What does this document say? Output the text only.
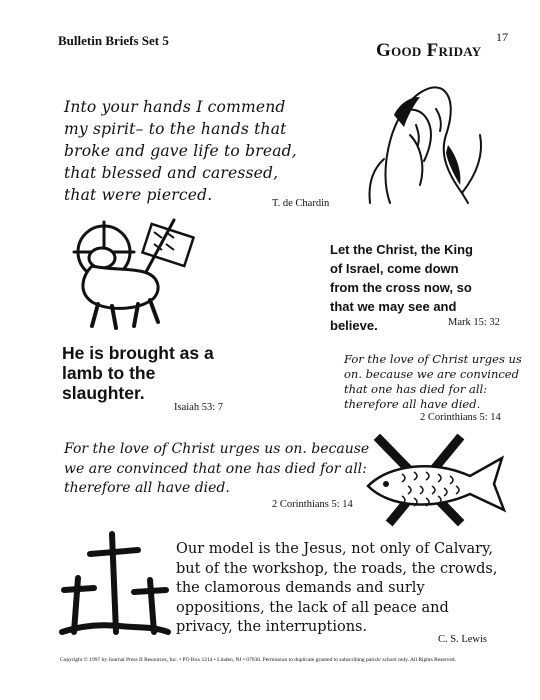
Bulletin Briefs Set 5	Good Friday
17
Into your hands I commend
my spirit– to the hands that
broke and gave life to bread,
that blessed and caressed,
that were pierced.	T. de Chardin
Let the Christ, the King
of Israel, come down
from the cross now, so
that we may see and
believe.	Mark 15: 32
He is brought as a
lamb to the
slaughter.
Isaiah 53: 7
For the love of Christ urges us
on. because we are convinced
that one has died for all:
therefore all have died.
2 Corinthians 5: 14
For the love of Christ urges us on. because
we are convinced that one has died for all:
therefore all have died.
2 Corinthians 5: 14
Our model is the Jesus, not only of Calvary,
but of the workshop, the roads, the crowds,
the clamorous demands and surly
oppositions, the lack of all peace and
privacy, the interruptions.
C. S. Lewis
Copyright © 1997 by Journal Press II Resources, Inc. • PO Box 1214 • Linden, NJ • 07036. Permission to duplicate granted to subscribing parish/ school only. All Rights Reserved.
